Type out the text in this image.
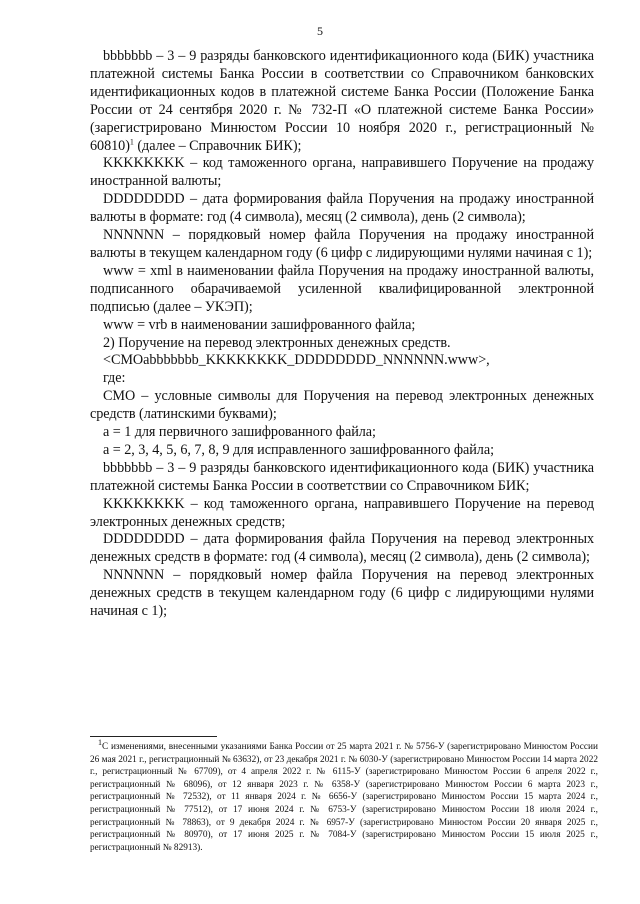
5

bbbbbbb – 3 – 9 разряды банковского идентификационного кода (БИК) участника платежной системы Банка России в соответствии со Справочником банковских идентификационных кодов в платежной системе Банка России (Положение Банка России от 24 сентября 2020 г. № 732-П «О платежной системе Банка России» (зарегистрировано Минюстом России 10 ноября 2020 г., регистрационный № 60810)$^1$ (далее – Справочник БИК);

KKKKKKKK – код таможенного органа, направившего Поручение на продажу иностранной валюты;

DDDDDDDD – дата формирования файла Поручения на продажу иностранной валюты в формате: год (4 символа), месяц (2 символа), день (2 символа);

NNNNNN – порядковый номер файла Поручения на продажу иностранной валюты в текущем календарном году (6 цифр с лидирующими нулями начиная с 1);

www = xml в наименовании файла Поручения на продажу иностранной валюты, подписанного обарачиваемой усиленной квалифицированной электронной подписью (далее – УКЭП);

www = vrb в наименовании зашифрованного файла;

2) Поручение на перевод электронных денежных средств.

<CMOabbbbbbb_KKKKKKKK_DDDDDDDD_NNNNNN.www>,

где:

CMO – условные символы для Поручения на перевод электронных денежных средств (латинскими буквами);

a = 1 для первичного зашифрованного файла;

a = 2, 3, 4, 5, 6, 7, 8, 9 для исправленного зашифрованного файла;

bbbbbbb – 3 – 9 разряды банковского идентификационного кода (БИК) участника платежной системы Банка России в соответствии со Справочником БИК;

KKKKKKKK – код таможенного органа, направившего Поручение на перевод электронных денежных средств;

DDDDDDDD – дата формирования файла Поручения на перевод электронных денежных средств в формате: год (4 символа), месяц (2 символа), день (2 символа);

NNNNNN – порядковый номер файла Поручения на перевод электронных денежных средств в текущем календарном году (6 цифр с лидирующими нулями начиная с 1);

$^1$С изменениями, внесенными указаниями Банка России от 25 марта 2021 г. № 5756-У (зарегистрировано Минюстом России 26 мая 2021 г., регистрационный № 63632), от 23 декабря 2021 г. № 6030-У (зарегистрировано Минюстом России 14 марта 2022 г., регистрационный № 67709), от 4 апреля 2022 г. № 6115-У (зарегистрировано Минюстом России 6 апреля 2022 г., регистрационный № 68096), от 12 января 2023 г. № 6358-У (зарегистрировано Минюстом России 6 марта 2023 г., регистрационный № 72532), от 11 января 2024 г. № 6656-У (зарегистрировано Минюстом России 15 марта 2024 г., регистрационный № 77512), от 17 июня 2024 г. № 6753-У (зарегистрировано Минюстом России 18 июля 2024 г., регистрационный № 78863), от 9 декабря 2024 г. № 6957-У (зарегистрировано Минюстом России 20 января 2025 г., регистрационный № 80970), от 17 июня 2025 г. № 7084-У (зарегистрировано Минюстом России 15 июля 2025 г., регистрационный № 82913).
